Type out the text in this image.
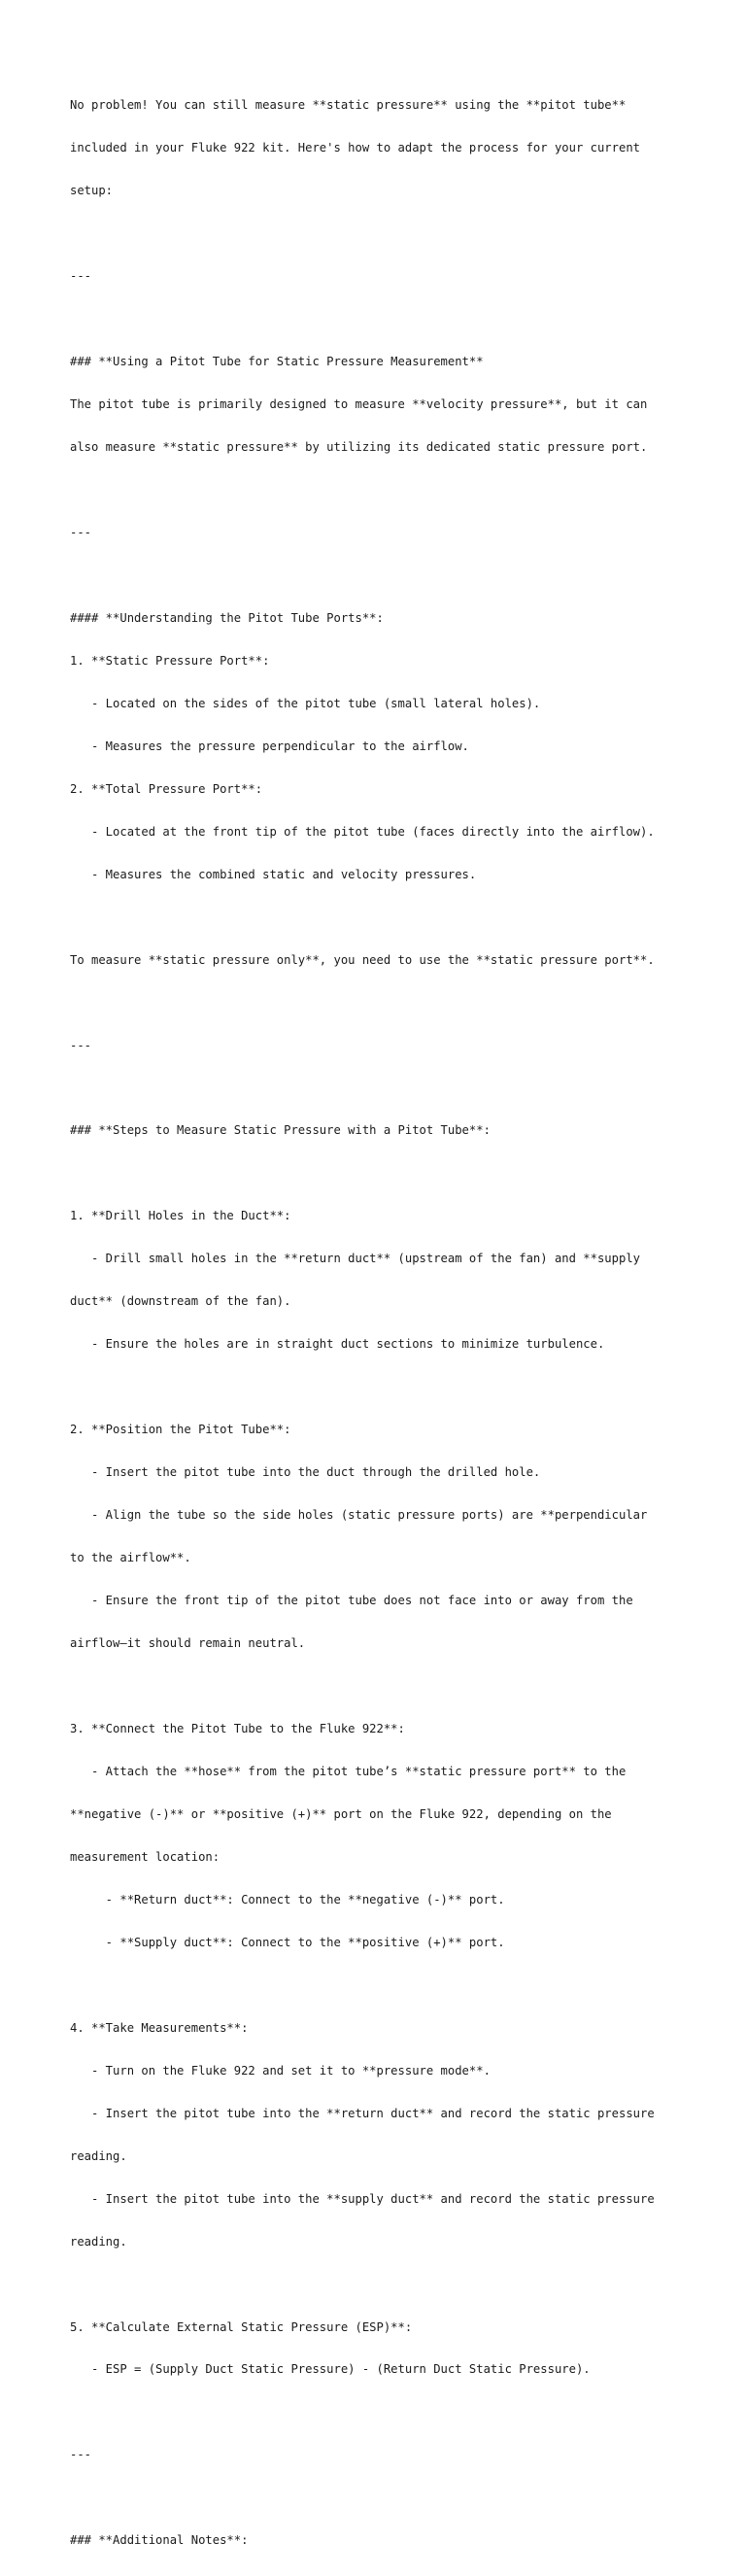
No problem! You can still measure **static pressure** using the **pitot tube**

included in your Fluke 922 kit. Here's how to adapt the process for your current

setup:

---

### **Using a Pitot Tube for Static Pressure Measurement**

The pitot tube is primarily designed to measure **velocity pressure**, but it can

also measure **static pressure** by utilizing its dedicated static pressure port.

---

#### **Understanding the Pitot Tube Ports**:

1. **Static Pressure Port**:

- Located on the sides of the pitot tube (small lateral holes).

- Measures the pressure perpendicular to the airflow.

2. **Total Pressure Port**:

- Located at the front tip of the pitot tube (faces directly into the airflow).

- Measures the combined static and velocity pressures.

To measure **static pressure only**, you need to use the **static pressure port**.

---

### **Steps to Measure Static Pressure with a Pitot Tube**:

1. **Drill Holes in the Duct**:

- Drill small holes in the **return duct** (upstream of the fan) and **supply

duct** (downstream of the fan).

- Ensure the holes are in straight duct sections to minimize turbulence.

2. **Position the Pitot Tube**:

- Insert the pitot tube into the duct through the drilled hole.

- Align the tube so the side holes (static pressure ports) are **perpendicular

to the airflow**.

- Ensure the front tip of the pitot tube does not face into or away from the

airflow—it should remain neutral.

3. **Connect the Pitot Tube to the Fluke 922**:

- Attach the **hose** from the pitot tube’s **static pressure port** to the

**negative (-)** or **positive (+)** port on the Fluke 922, depending on the

measurement location:

- **Return duct**: Connect to the **negative (-)** port.

- **Supply duct**: Connect to the **positive (+)** port.

4. **Take Measurements**:

- Turn on the Fluke 922 and set it to **pressure mode**.

- Insert the pitot tube into the **return duct** and record the static pressure

reading.

- Insert the pitot tube into the **supply duct** and record the static pressure

reading.

5. **Calculate External Static Pressure (ESP)**:

- ESP = (Supply Duct Static Pressure) - (Return Duct Static Pressure).

---

### **Additional Notes**:
